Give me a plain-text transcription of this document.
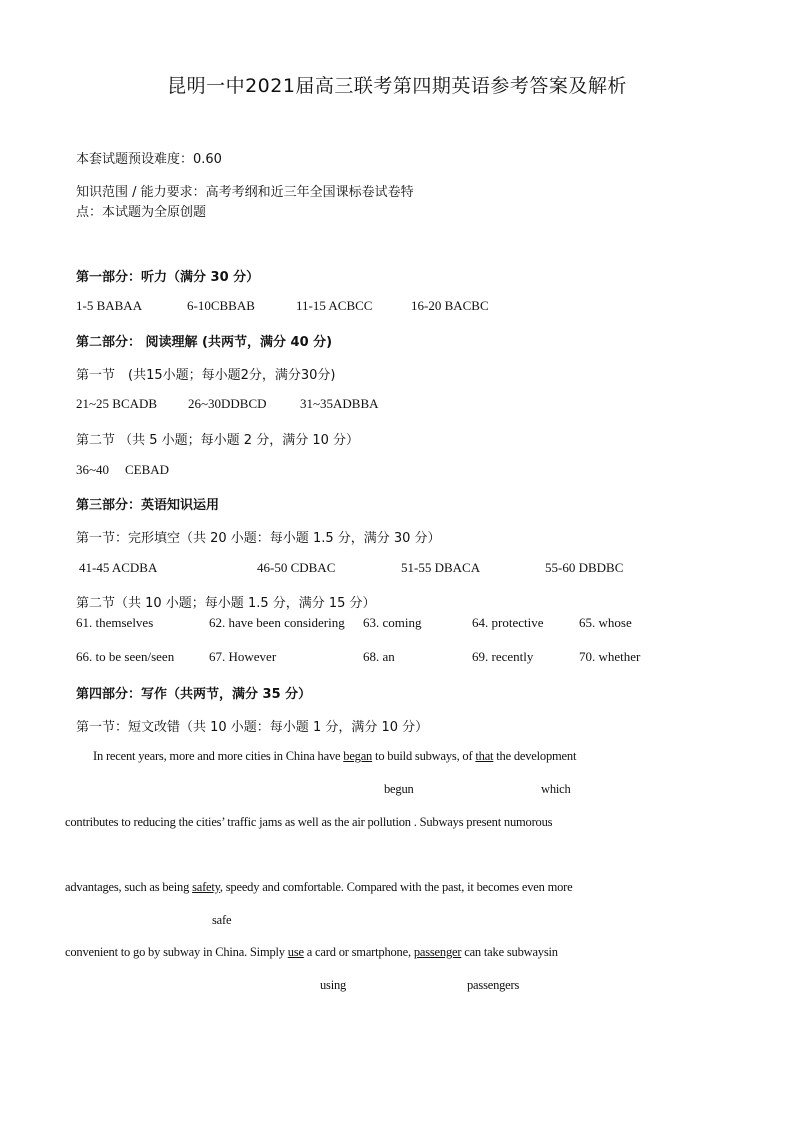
昆明一中2021届高三联考第四期英语参考答案及解析
本套试题预设难度：0.60
知识范围 / 能力要求：高考考纲和近三年全国课标卷试卷特
点：本试题为全原创题
第一部分：听力（满分 30 分）
1-5 BABAA	6-10CBBAB	11-15 ACBCC	16-20 BACBC
第二部分： 阅读理解 (共两节，满分 40 分)
第一节　(共15小题；每小题2分，满分30分)
21~25 BCADB 26~30DDBCD	31~35ADBBA
第二节 （共 5 小题；每小题 2 分，满分 10 分）
36~40 CEBAD
第三部分：英语知识运用
第一节：完形填空（共 20 小题：每小题 1.5 分，满分 30 分）
41-45 ACDBA	46-50 CDBAC	51-55 DBACA	55-60 DBDBC
第二节（共 10 小题；每小题 1.5 分，满分 15 分）
61. themselves	62. have been considering 63. coming	64. protective	65. whose
66. to be seen/seen	67. However	68. an	69. recently	70. whether
第四部分：写作（共两节，满分 35 分）
第一节：短文改错（共 10 小题：每小题 1 分，满分 10 分）
In recent years, more and more cities in China have began to build subways, of that the development
begun	which
contributes to reducing the cities’ traffic jams as well as the air pollution . Subways present numorous
advantages, such as being safety, speedy and comfortable. Compared with the past, it becomes even more
safe
convenient to go by subway in China. Simply use a card or smartphone, passenger can take subwaysin
using	passengers
